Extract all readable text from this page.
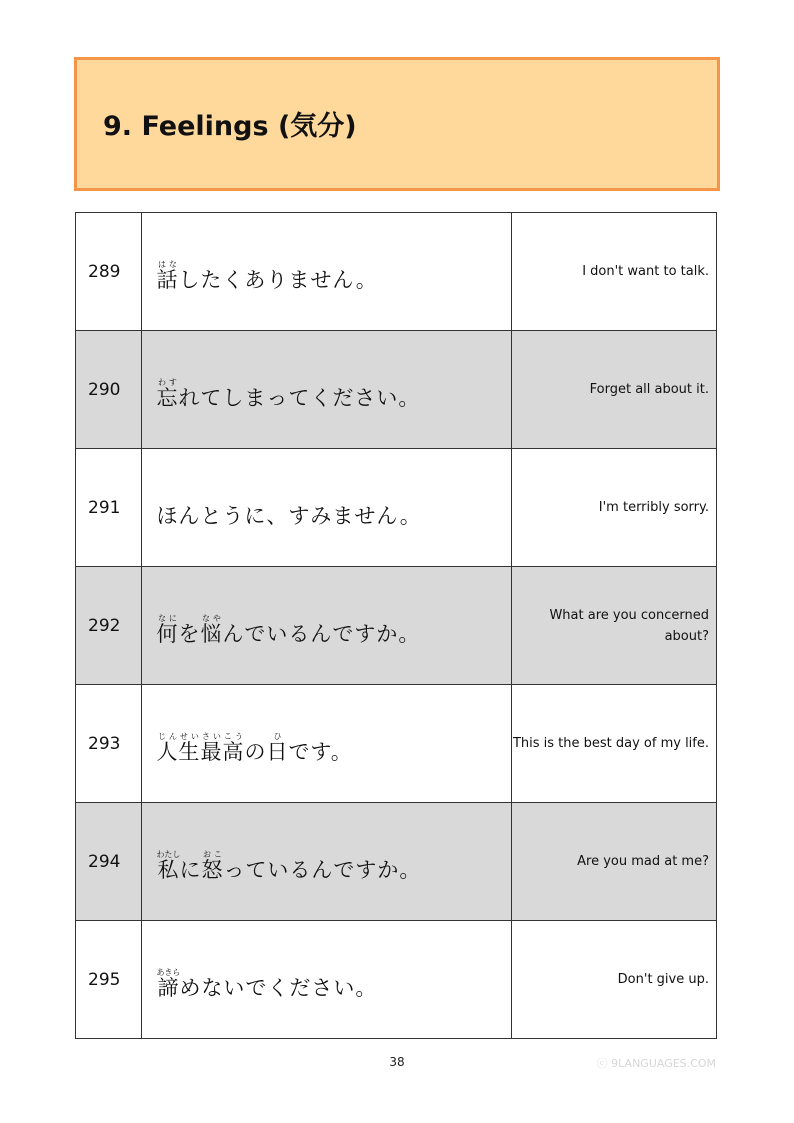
9. Feelings (気分)
289	話はなしたくありません。	I don't want to talk.
290	忘わすれてしまってください。	Forget all about it.
291	ほんとうに、すみません。	I'm terribly sorry.
292	何なにを悩なやんでいるんですか。	What are you concerned about?
293	人生じんせい最高さいこうの日ひです。	This is the best day of my life.
294	私わたしに怒おこっているんですか。	Are you mad at me?
295	諦あきらめないでください。	Don't give up.
38	ⓒ 9LANGUAGES.COM
